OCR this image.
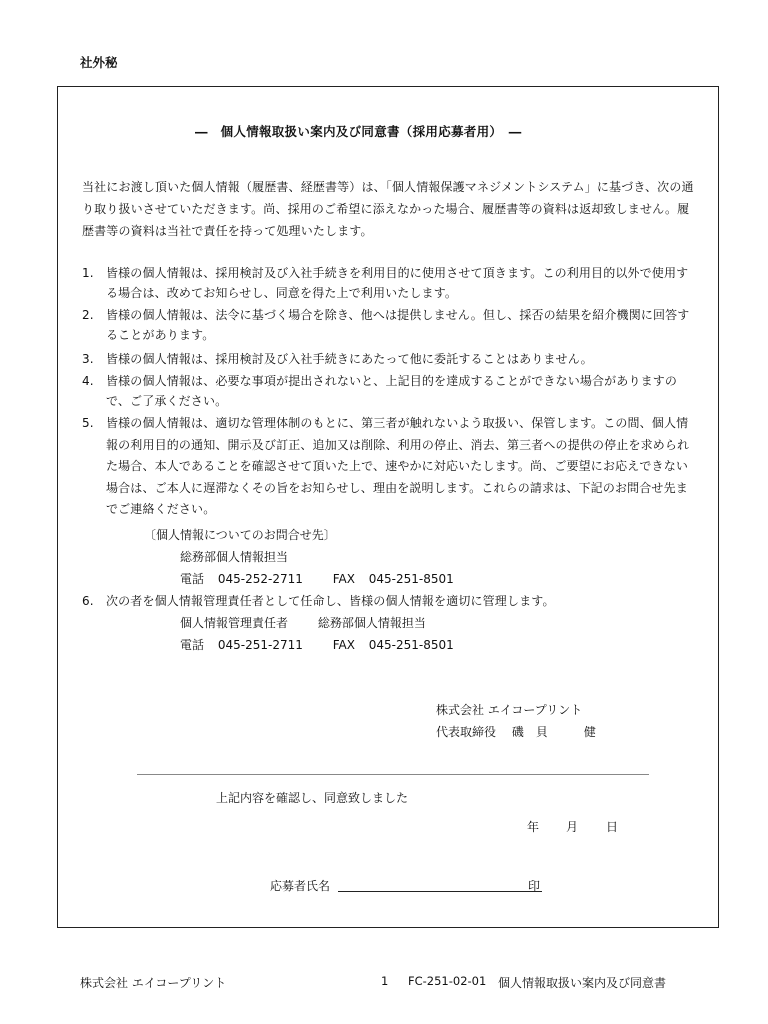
社外秘
―　個人情報取扱い案内及び同意書（採用応募者用）　―
当社にお渡し頂いた個人情報（履歴書、経歴書等）は、「個人情報保護マネジメントシステム」に基づき、次の通り取り扱いさせていただきます。尚、採用のご希望に添えなかった場合、履歴書等の資料は返却致しません。履歴書等の資料は当社で責任を持って処理いたします。
1. 皆様の個人情報は、採用検討及び入社手続きを利用目的に使用させて頂きます。この利用目的以外で使用する場合は、改めてお知らせし、同意を得た上で利用いたします。
2. 皆様の個人情報は、法令に基づく場合を除き、他へは提供しません。但し、採否の結果を紹介機関に回答することがあります。
3. 皆様の個人情報は、採用検討及び入社手続きにあたって他に委託することはありません。
4. 皆様の個人情報は、必要な事項が提出されないと、上記目的を達成することができない場合がありますので、ご了承ください。
5. 皆様の個人情報は、適切な管理体制のもとに、第三者が触れないよう取扱い、保管します。この間、個人情報の利用目的の通知、開示及び訂正、追加又は削除、利用の停止、消去、第三者への提供の停止を求められた場合、本人であることを確認させて頂いた上で、速やかに対応いたします。尚、ご要望にお応えできない場合は、ご本人に遅滞なくその旨をお知らせし、理由を説明します。これらの請求は、下記のお問合せ先までご連絡ください。
〔個人情報についてのお問合せ先〕
総務部個人情報担当
電話 045-252-2711 FAX 045-251-8501
6. 次の者を個人情報管理責任者として任命し、皆様の個人情報を適切に管理します。
個人情報管理責任者 総務部個人情報担当
電話 045-251-2711 FAX 045-251-8501
株式会社 エイコープリント
代表取締役 磯　貝　　　健
上記内容を確認し、同意致しました
年 月 日
応募者氏名	印
株式会社 エイコープリント	1 FC-251-02-01 個人情報取扱い案内及び同意書
